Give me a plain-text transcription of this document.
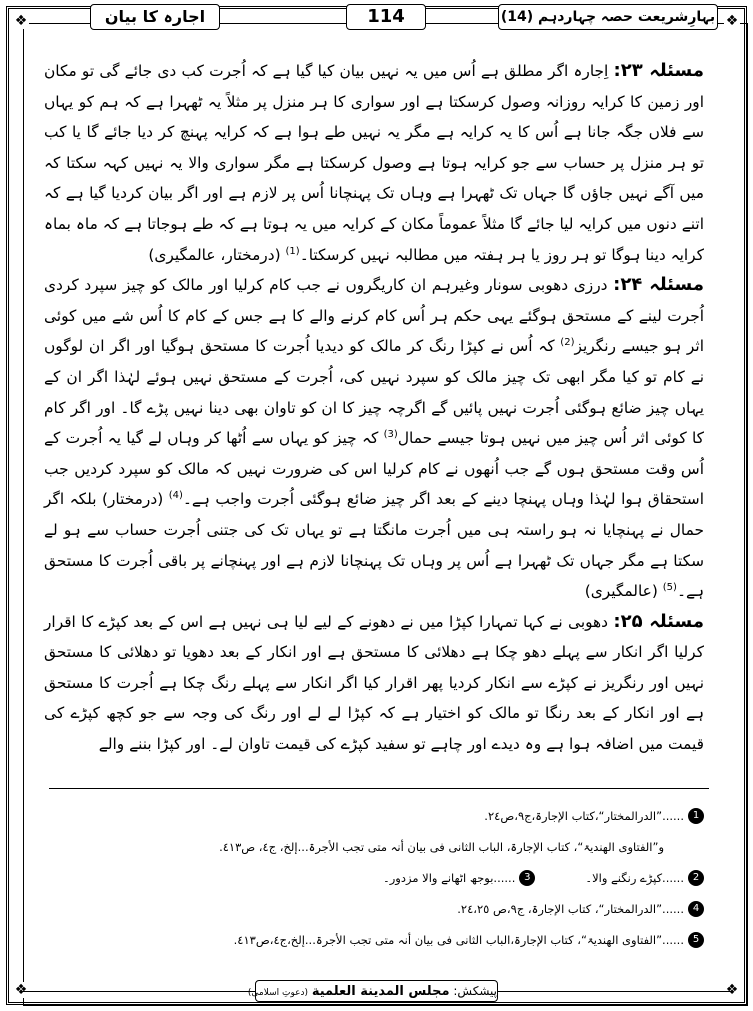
❖	❖
❖	❖
اجارہ کا بیان	114	بہارِشریعت حصہ چہاردہم (14)

مسئلہ ۲۳: اِجارہ اگر مطلق ہے اُس میں یہ نہیں بیان کیا گیا ہے کہ اُجرت کب دی جائے گی تو مکان اور زمین کا کرایہ روزانہ وصول کرسکتا ہے اور سواری کا ہر منزل پر مثلاً یہ ٹھہرا ہے کہ ہم کو یہاں سے فلاں جگہ جانا ہے اُس کا یہ کرایہ ہے مگر یہ نہیں طے ہوا ہے کہ کرایہ پہنچ کر دیا جائے گا یا کب تو ہر منزل پر حساب سے جو کرایہ ہوتا ہے وصول کرسکتا ہے مگر سواری والا یہ نہیں کہہ سکتا کہ میں آگے نہیں جاؤں گا جہاں تک ٹھہرا ہے وہاں تک پہنچانا اُس پر لازم ہے اور اگر بیان کردیا گیا ہے کہ اتنے دنوں میں کرایہ لیا جائے گا مثلاً عموماً مکان کے کرایہ میں یہ ہوتا ہے کہ طے ہوجاتا ہے کہ ماہ بماہ کرایہ دینا ہوگا تو ہر روز یا ہر ہفتہ میں مطالبہ نہیں کرسکتا۔$^{(1)}$ (درمختار، عالمگیری)

مسئلہ ۲۴: درزی دھوبی سونار وغیرہم ان کاریگروں نے جب کام کرلیا اور مالک کو چیز سپرد کردی اُجرت لینے کے مستحق ہوگئے یہی حکم ہر اُس کام کرنے والے کا ہے جس کے کام کا اُس شے میں کوئی اثر ہو جیسے رنگریز$^{(2)}$ کہ اُس نے کپڑا رنگ کر مالک کو دیدیا اُجرت کا مستحق ہوگیا اور اگر ان لوگوں نے کام تو کیا مگر ابھی تک چیز مالک کو سپرد نہیں کی، اُجرت کے مستحق نہیں ہوئے لہٰذا اگر ان کے یہاں چیز ضائع ہوگئی اُجرت نہیں پائیں گے اگرچہ چیز کا ان کو تاوان بھی دینا نہیں پڑے گا۔ اور اگر کام کا کوئی اثر اُس چیز میں نہیں ہوتا جیسے حمال$^{(3)}$ کہ چیز کو یہاں سے اُٹھا کر وہاں لے گیا یہ اُجرت کے اُس وقت مستحق ہوں گے جب اُنھوں نے کام کرلیا اس کی ضرورت نہیں کہ مالک کو سپرد کردیں جب استحقاق ہوا لہٰذا وہاں پہنچا دینے کے بعد اگر چیز ضائع ہوگئی اُجرت واجب ہے۔$^{(4)}$ (درمختار) بلکہ اگر حمال نے پہنچایا نہ ہو راستہ ہی میں اُجرت مانگتا ہے تو یہاں تک کی جتنی اُجرت حساب سے ہو لے سکتا ہے مگر جہاں تک ٹھہرا ہے اُس پر وہاں تک پہنچانا لازم ہے اور پہنچانے پر باقی اُجرت کا مستحق ہے۔$^{(5)}$ (عالمگیری)

مسئلہ ۲۵: دھوبی نے کہا تمہارا کپڑا میں نے دھونے کے لیے لیا ہی نہیں ہے اس کے بعد کپڑے کا اقرار کرلیا اگر انکار سے پہلے دھو چکا ہے دھلائی کا مستحق ہے اور انکار کے بعد دھویا تو دھلائی کا مستحق نہیں اور رنگریز نے کپڑے سے انکار کردیا پھر اقرار کیا اگر انکار سے پہلے رنگ چکا ہے اُجرت کا مستحق ہے اور انکار کے بعد رنگا تو مالک کو اختیار ہے کہ کپڑا لے لے اور رنگ کی وجہ سے جو کچھ کپڑے کی قیمت میں اضافہ ہوا ہے وہ دیدے اور چاہے تو سفید کپڑے کی قیمت تاوان لے۔ اور کپڑا بننے والے

1
......”الدرالمختار“،کتاب الإجارۃ،ج۹،ص۲٤.
و”الفتاوی الھندیۃ“، کتاب الإجارۃ، الباب الثانی فی بیان أنہ متی تجب الأجرۃ...إلخ، ج٤، ص٤١٣.
2
......کپڑے رنگنے والا۔
3
......بوجھ اٹھانے والا مزدور۔
4
......”الدرالمختار“، کتاب الإجارۃ، ج۹،ص ۲٤،۲٥.
5
......”الفتاوی الھندیۃ“، کتاب الإجارۃ،الباب الثانی فی بیان أنہ متی تجب الأجرۃ...إلخ،ج٤،ص٤١٣.
پیشکش: مجلس المدينة العلمية (دعوتِ اسلامی)
